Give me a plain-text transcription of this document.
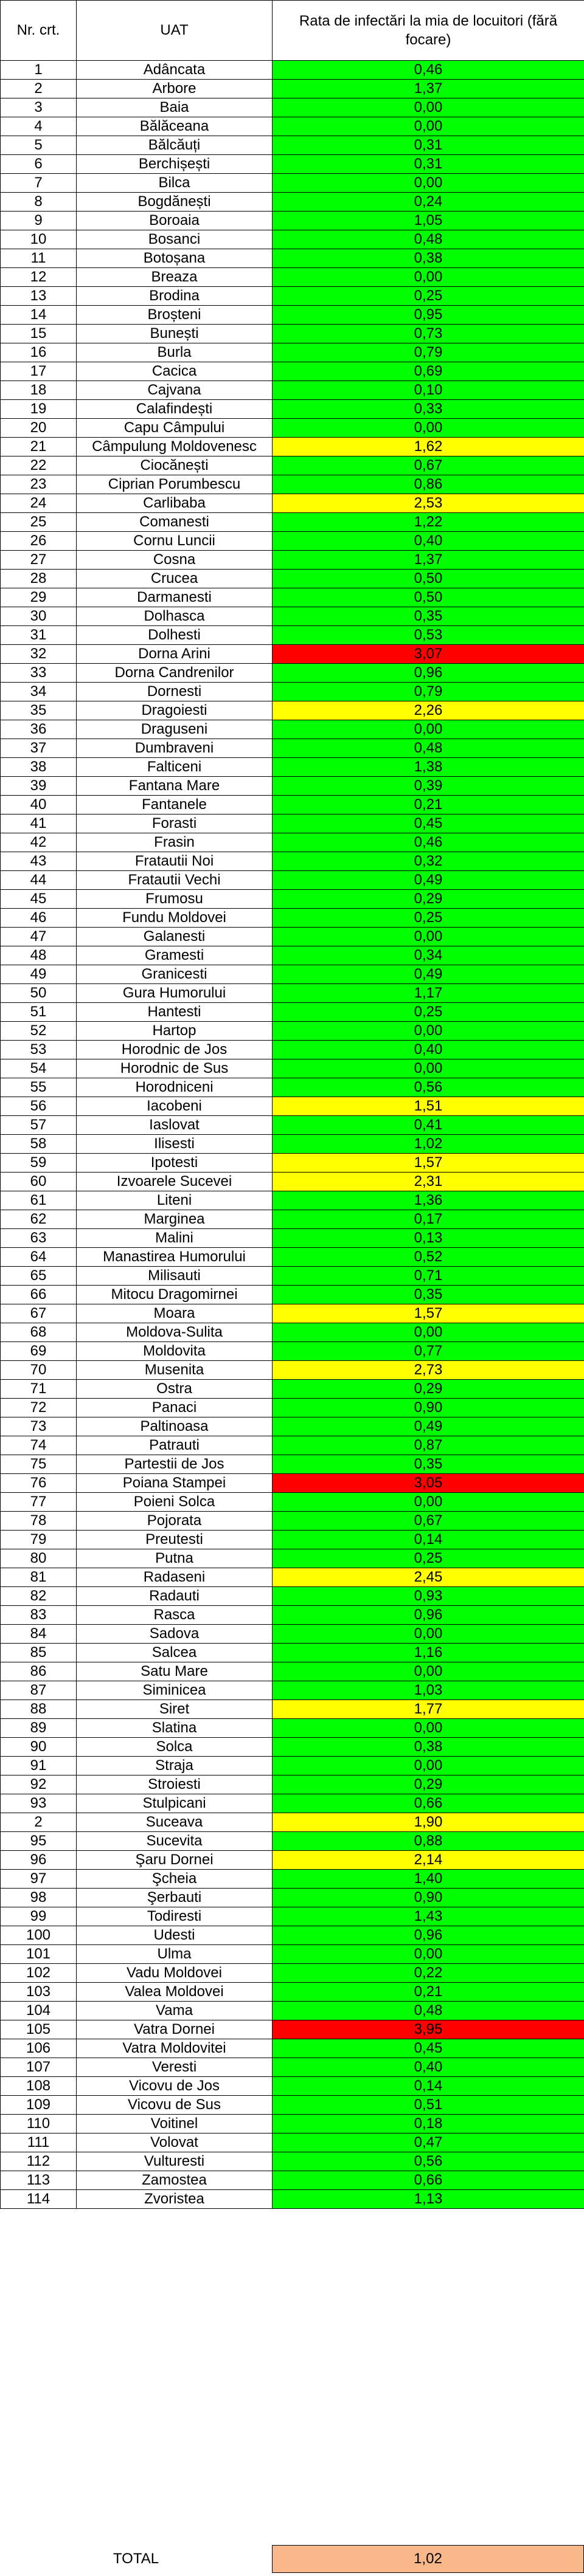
Nr. crt.	UAT	Rata de infectări la mia de locuitori (fără focare)
1	Adâncata	0,46
2	Arbore	1,37
3	Baia	0,00
4	Bălăceana	0,00
5	Bălcăuți	0,31
6	Berchișești	0,31
7	Bilca	0,00
8	Bogdănești	0,24
9	Boroaia	1,05
10	Bosanci	0,48
11	Botoșana	0,38
12	Breaza	0,00
13	Brodina	0,25
14	Broșteni	0,95
15	Bunești	0,73
16	Burla	0,79
17	Cacica	0,69
18	Cajvana	0,10
19	Calafindești	0,33
20	Capu Câmpului	0,00
21	Câmpulung Moldovenesc	1,62
22	Ciocănești	0,67
23	Ciprian Porumbescu	0,86
24	Carlibaba	2,53
25	Comanesti	1,22
26	Cornu Luncii	0,40
27	Cosna	1,37
28	Crucea	0,50
29	Darmanesti	0,50
30	Dolhasca	0,35
31	Dolhesti	0,53
32	Dorna Arini	3,07
33	Dorna Candrenilor	0,96
34	Dornesti	0,79
35	Dragoiesti	2,26
36	Draguseni	0,00
37	Dumbraveni	0,48
38	Falticeni	1,38
39	Fantana Mare	0,39
40	Fantanele	0,21
41	Forasti	0,45
42	Frasin	0,46
43	Fratautii Noi	0,32
44	Fratautii Vechi	0,49
45	Frumosu	0,29
46	Fundu Moldovei	0,25
47	Galanesti	0,00
48	Gramesti	0,34
49	Granicesti	0,49
50	Gura Humorului	1,17
51	Hantesti	0,25
52	Hartop	0,00
53	Horodnic de Jos	0,40
54	Horodnic de Sus	0,00
55	Horodniceni	0,56
56	Iacobeni	1,51
57	Iaslovat	0,41
58	Ilisesti	1,02
59	Ipotesti	1,57
60	Izvoarele Sucevei	2,31
61	Liteni	1,36
62	Marginea	0,17
63	Malini	0,13
64	Manastirea Humorului	0,52
65	Milisauti	0,71
66	Mitocu Dragomirnei	0,35
67	Moara	1,57
68	Moldova-Sulita	0,00
69	Moldovita	0,77
70	Musenita	2,73
71	Ostra	0,29
72	Panaci	0,90
73	Paltinoasa	0,49
74	Patrauti	0,87
75	Partestii de Jos	0,35
76	Poiana Stampei	3,05
77	Poieni Solca	0,00
78	Pojorata	0,67
79	Preutesti	0,14
80	Putna	0,25
81	Radaseni	2,45
82	Radauti	0,93
83	Rasca	0,96
84	Sadova	0,00
85	Salcea	1,16
86	Satu Mare	0,00
87	Siminicea	1,03
88	Siret	1,77
89	Slatina	0,00
90	Solca	0,38
91	Straja	0,00
92	Stroiesti	0,29
93	Stulpicani	0,66
2	Suceava	1,90
95	Sucevita	0,88
96	Şaru Dornei	2,14
97	Şcheia	1,40
98	Şerbauti	0,90
99	Todiresti	1,43
100	Udesti	0,96
101	Ulma	0,00
102	Vadu Moldovei	0,22
103	Valea Moldovei	0,21
104	Vama	0,48
105	Vatra Dornei	3,95
106	Vatra Moldovitei	0,45
107	Veresti	0,40
108	Vicovu de Jos	0,14
109	Vicovu de Sus	0,51
110	Voitinel	0,18
111	Volovat	0,47
112	Vulturesti	0,56
113	Zamostea	0,66
114	Zvoristea	1,13
TOTAL	1,02
